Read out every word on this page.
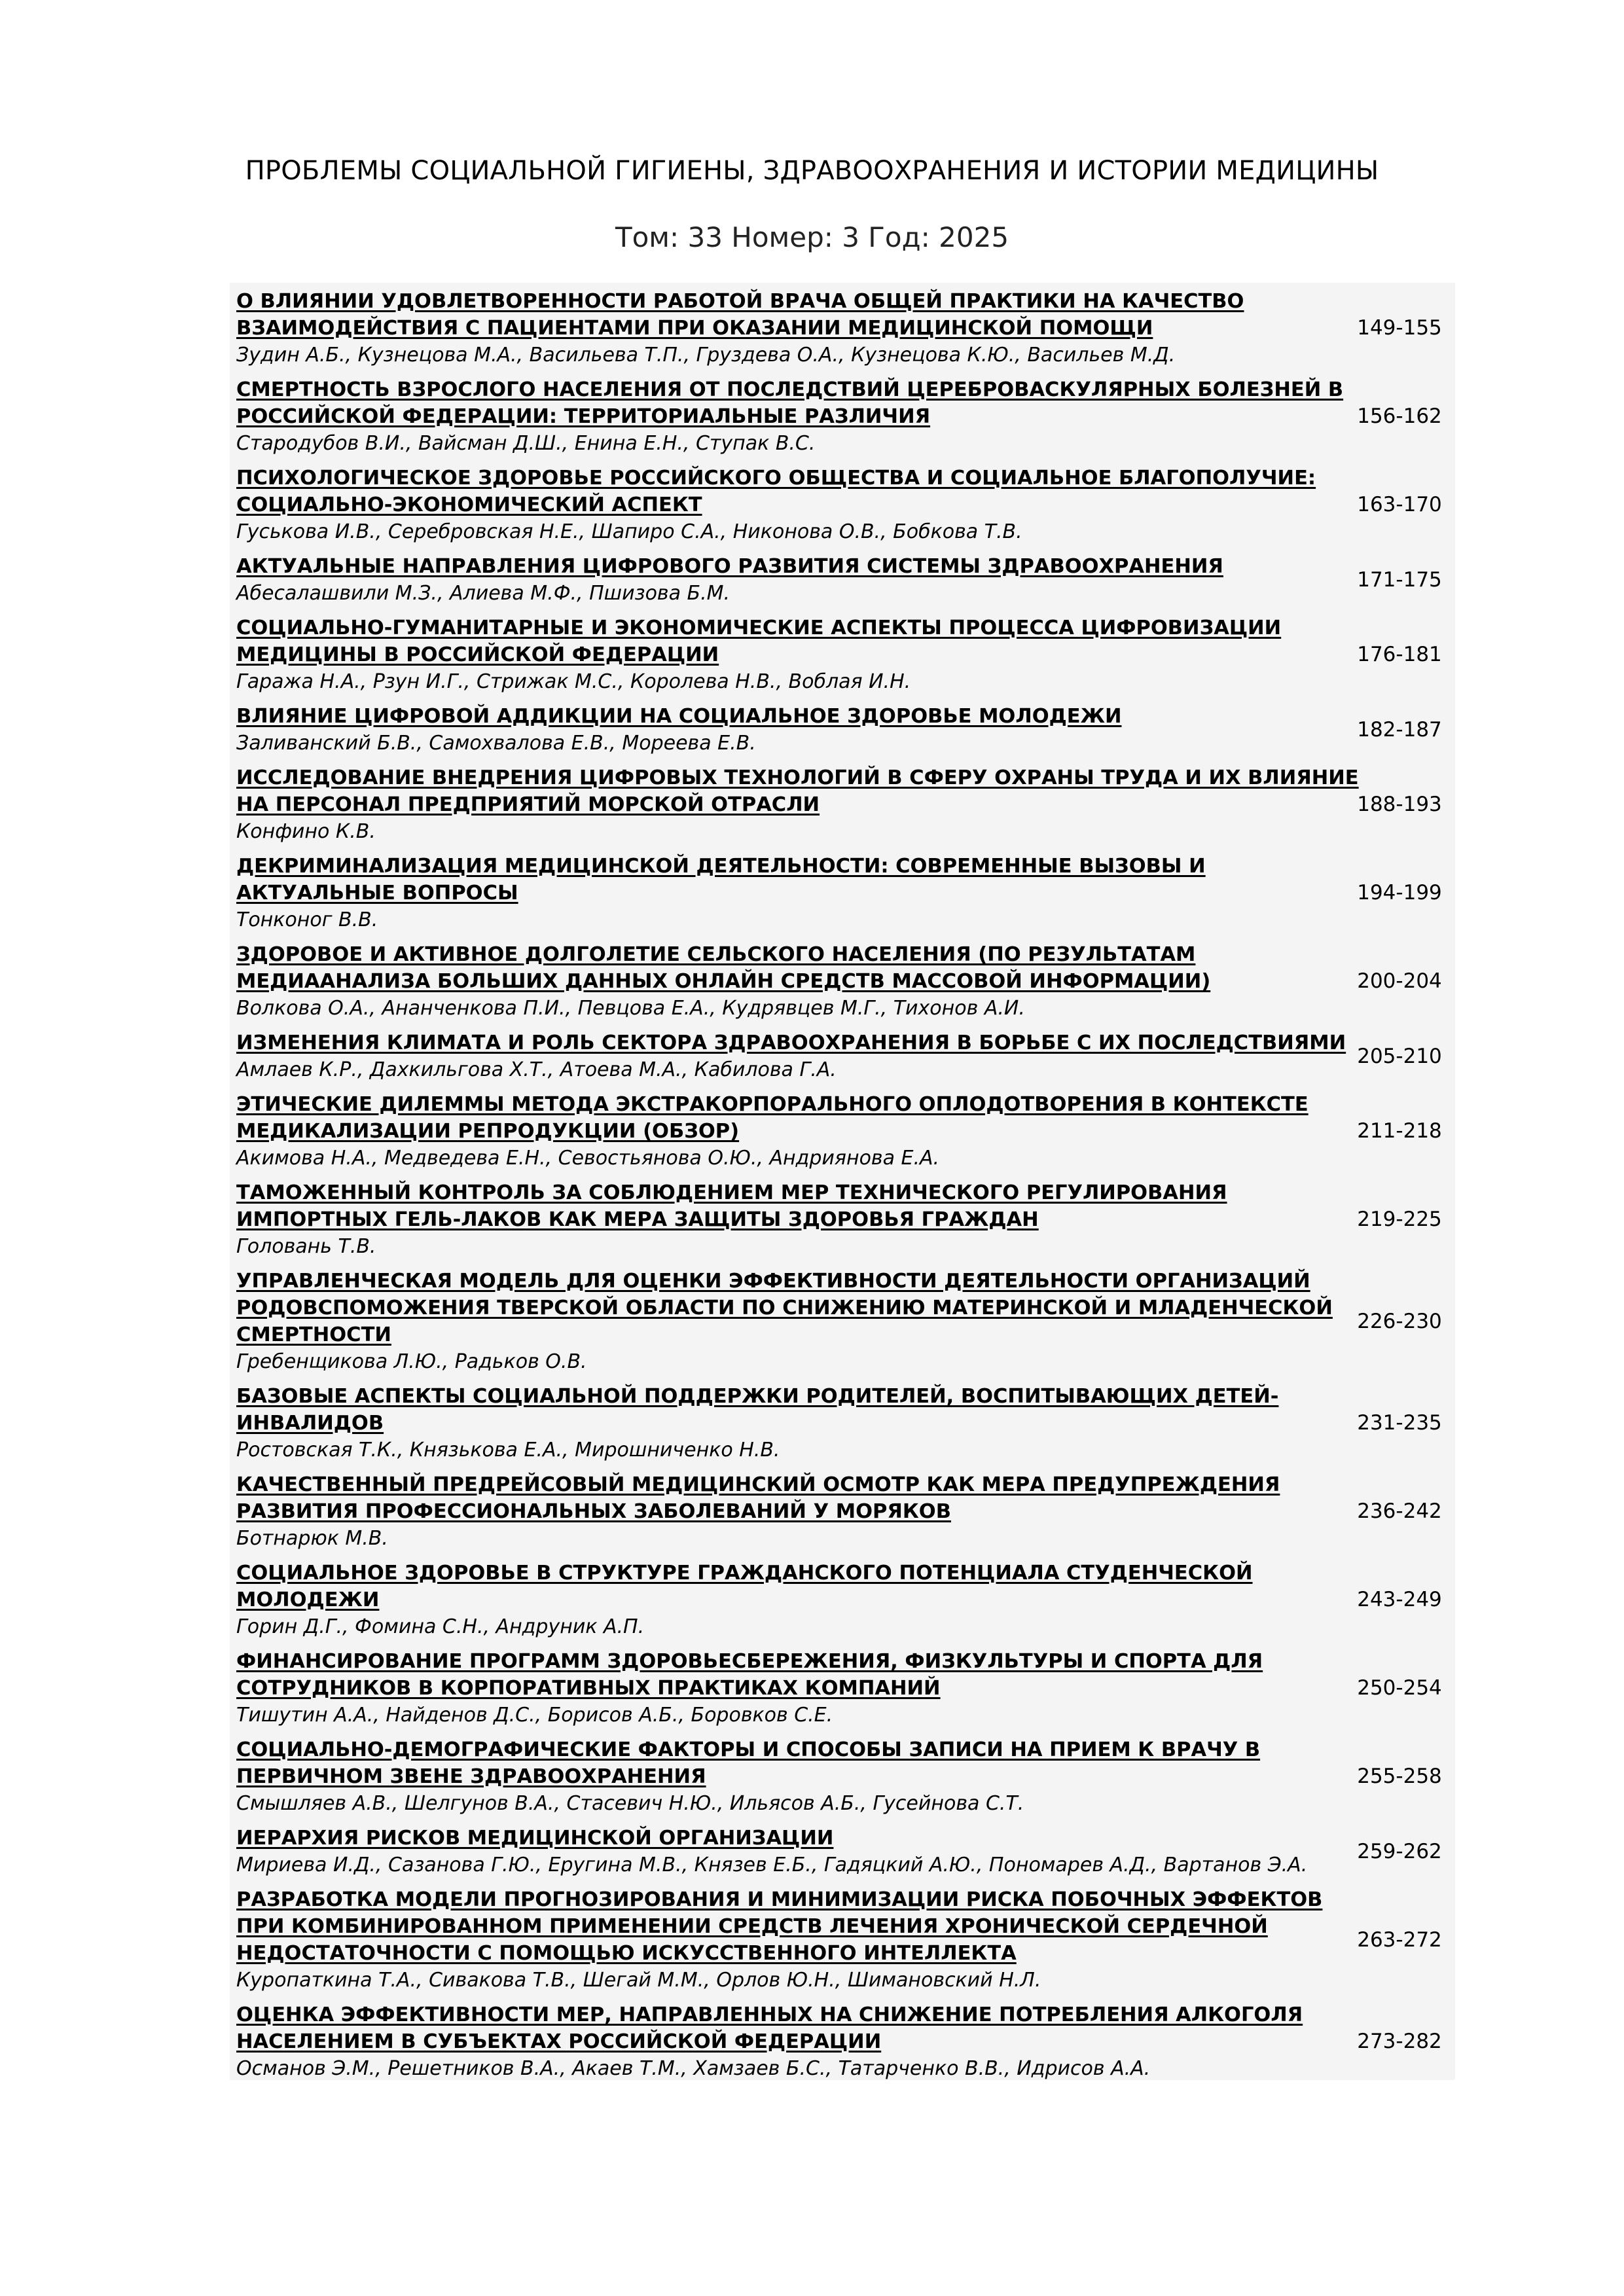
ПРОБЛЕМЫ СОЦИАЛЬНОЙ ГИГИЕНЫ, ЗДРАВООХРАНЕНИЯ И ИСТОРИИ МЕДИЦИНЫ
Том: 33 Номер: 3 Год: 2025
О ВЛИЯНИИ УДОВЛЕТВОРЕННОСТИ РАБОТОЙ ВРАЧА ОБЩЕЙ ПРАКТИКИ НА КАЧЕСТВО
ВЗАИМОДЕЙСТВИЯ С ПАЦИЕНТАМИ ПРИ ОКАЗАНИИ МЕДИЦИНСКОЙ ПОМОЩИ
Зудин А.Б., Кузнецова М.А., Васильева Т.П., Груздева О.А., Кузнецова К.Ю., Васильев М.Д.
149-155
СМЕРТНОСТЬ ВЗРОСЛОГО НАСЕЛЕНИЯ ОТ ПОСЛЕДСТВИЙ ЦЕРЕБРОВАСКУЛЯРНЫХ БОЛЕЗНЕЙ В
РОССИЙСКОЙ ФЕДЕРАЦИИ: ТЕРРИТОРИАЛЬНЫЕ РАЗЛИЧИЯ
Стародубов В.И., Вайсман Д.Ш., Енина Е.Н., Ступак В.С.
156-162
ПСИХОЛОГИЧЕСКОЕ ЗДОРОВЬЕ РОССИЙСКОГО ОБЩЕСТВА И СОЦИАЛЬНОЕ БЛАГОПОЛУЧИЕ:
СОЦИАЛЬНО-ЭКОНОМИЧЕСКИЙ АСПЕКТ
Гуськова И.В., Серебровская Н.Е., Шапиро С.А., Никонова О.В., Бобкова Т.В.
163-170
АКТУАЛЬНЫЕ НАПРАВЛЕНИЯ ЦИФРОВОГО РАЗВИТИЯ СИСТЕМЫ ЗДРАВООХРАНЕНИЯ
Абесалашвили М.З., Алиева М.Ф., Пшизова Б.М.
171-175
СОЦИАЛЬНО-ГУМАНИТАРНЫЕ И ЭКОНОМИЧЕСКИЕ АСПЕКТЫ ПРОЦЕССА ЦИФРОВИЗАЦИИ
МЕДИЦИНЫ В РОССИЙСКОЙ ФЕДЕРАЦИИ
Гаража Н.А., Рзун И.Г., Стрижак М.С., Королева Н.В., Воблая И.Н.
176-181
ВЛИЯНИЕ ЦИФРОВОЙ АДДИКЦИИ НА СОЦИАЛЬНОЕ ЗДОРОВЬЕ МОЛОДЕЖИ
Заливанский Б.В., Самохвалова Е.В., Мореева Е.В.
182-187
ИССЛЕДОВАНИЕ ВНЕДРЕНИЯ ЦИФРОВЫХ ТЕХНОЛОГИЙ В СФЕРУ ОХРАНЫ ТРУДА И ИХ ВЛИЯНИЕ
НА ПЕРСОНАЛ ПРЕДПРИЯТИЙ МОРСКОЙ ОТРАСЛИ
Конфино К.В.
188-193
ДЕКРИМИНАЛИЗАЦИЯ МЕДИЦИНСКОЙ ДЕЯТЕЛЬНОСТИ: СОВРЕМЕННЫЕ ВЫЗОВЫ И
АКТУАЛЬНЫЕ ВОПРОСЫ
Тонконог В.В.
194-199
ЗДОРОВОЕ И АКТИВНОЕ ДОЛГОЛЕТИЕ СЕЛЬСКОГО НАСЕЛЕНИЯ (ПО РЕЗУЛЬТАТАМ
МЕДИААНАЛИЗА БОЛЬШИХ ДАННЫХ ОНЛАЙН СРЕДСТВ МАССОВОЙ ИНФОРМАЦИИ)
Волкова О.А., Ананченкова П.И., Певцова Е.А., Кудрявцев М.Г., Тихонов А.И.
200-204
ИЗМЕНЕНИЯ КЛИМАТА И РОЛЬ СЕКТОРА ЗДРАВООХРАНЕНИЯ В БОРЬБЕ С ИХ ПОСЛЕДСТВИЯМИ
Амлаев К.Р., Дахкильгова Х.Т., Атоева М.А., Кабилова Г.А.
205-210
ЭТИЧЕСКИЕ ДИЛЕММЫ МЕТОДА ЭКСТРАКОРПОРАЛЬНОГО ОПЛОДОТВОРЕНИЯ В КОНТЕКСТЕ
МЕДИКАЛИЗАЦИИ РЕПРОДУКЦИИ (ОБЗОР)
Акимова Н.А., Медведева Е.Н., Севостьянова О.Ю., Андриянова Е.А.
211-218
ТАМОЖЕННЫЙ КОНТРОЛЬ ЗА СОБЛЮДЕНИЕМ МЕР ТЕХНИЧЕСКОГО РЕГУЛИРОВАНИЯ
ИМПОРТНЫХ ГЕЛЬ-ЛАКОВ КАК МЕРА ЗАЩИТЫ ЗДОРОВЬЯ ГРАЖДАН
Головань Т.В.
219-225
УПРАВЛЕНЧЕСКАЯ МОДЕЛЬ ДЛЯ ОЦЕНКИ ЭФФЕКТИВНОСТИ ДЕЯТЕЛЬНОСТИ ОРГАНИЗАЦИЙ
РОДОВСПОМОЖЕНИЯ ТВЕРСКОЙ ОБЛАСТИ ПО СНИЖЕНИЮ МАТЕРИНСКОЙ И МЛАДЕНЧЕСКОЙ
СМЕРТНОСТИ
Гребенщикова Л.Ю., Радьков О.В.
226-230
БАЗОВЫЕ АСПЕКТЫ СОЦИАЛЬНОЙ ПОДДЕРЖКИ РОДИТЕЛЕЙ, ВОСПИТЫВАЮЩИХ ДЕТЕЙ-
ИНВАЛИДОВ
Ростовская Т.К., Князькова Е.А., Мирошниченко Н.В.
231-235
КАЧЕСТВЕННЫЙ ПРЕДРЕЙСОВЫЙ МЕДИЦИНСКИЙ ОСМОТР КАК МЕРА ПРЕДУПРЕЖДЕНИЯ
РАЗВИТИЯ ПРОФЕССИОНАЛЬНЫХ ЗАБОЛЕВАНИЙ У МОРЯКОВ
Ботнарюк М.В.
236-242
СОЦИАЛЬНОЕ ЗДОРОВЬЕ В СТРУКТУРЕ ГРАЖДАНСКОГО ПОТЕНЦИАЛА СТУДЕНЧЕСКОЙ
МОЛОДЕЖИ
Горин Д.Г., Фомина С.Н., Андруник А.П.
243-249
ФИНАНСИРОВАНИЕ ПРОГРАММ ЗДОРОВЬЕСБЕРЕЖЕНИЯ, ФИЗКУЛЬТУРЫ И СПОРТА ДЛЯ
СОТРУДНИКОВ В КОРПОРАТИВНЫХ ПРАКТИКАХ КОМПАНИЙ
Тишутин А.А., Найденов Д.С., Борисов А.Б., Боровков С.Е.
250-254
СОЦИАЛЬНО-ДЕМОГРАФИЧЕСКИЕ ФАКТОРЫ И СПОСОБЫ ЗАПИСИ НА ПРИЕМ К ВРАЧУ В
ПЕРВИЧНОМ ЗВЕНЕ ЗДРАВООХРАНЕНИЯ
Смышляев А.В., Шелгунов В.А., Стасевич Н.Ю., Ильясов А.Б., Гусейнова С.Т.
255-258
ИЕРАРХИЯ РИСКОВ МЕДИЦИНСКОЙ ОРГАНИЗАЦИИ
Мириева И.Д., Сазанова Г.Ю., Еругина М.В., Князев Е.Б., Гадяцкий А.Ю., Пономарев А.Д., Вартанов Э.А.
259-262
РАЗРАБОТКА МОДЕЛИ ПРОГНОЗИРОВАНИЯ И МИНИМИЗАЦИИ РИСКА ПОБОЧНЫХ ЭФФЕКТОВ
ПРИ КОМБИНИРОВАННОМ ПРИМЕНЕНИИ СРЕДСТВ ЛЕЧЕНИЯ ХРОНИЧЕСКОЙ СЕРДЕЧНОЙ
НЕДОСТАТОЧНОСТИ С ПОМОЩЬЮ ИСКУССТВЕННОГО ИНТЕЛЛЕКТА
Куропаткина Т.А., Сивакова Т.В., Шегай М.М., Орлов Ю.Н., Шимановский Н.Л.
263-272
ОЦЕНКА ЭФФЕКТИВНОСТИ МЕР, НАПРАВЛЕННЫХ НА СНИЖЕНИЕ ПОТРЕБЛЕНИЯ АЛКОГОЛЯ
НАСЕЛЕНИЕМ В СУБЪЕКТАХ РОССИЙСКОЙ ФЕДЕРАЦИИ
Османов Э.М., Решетников В.А., Акаев Т.М., Хамзаев Б.С., Татарченко В.В., Идрисов А.А.
273-282
